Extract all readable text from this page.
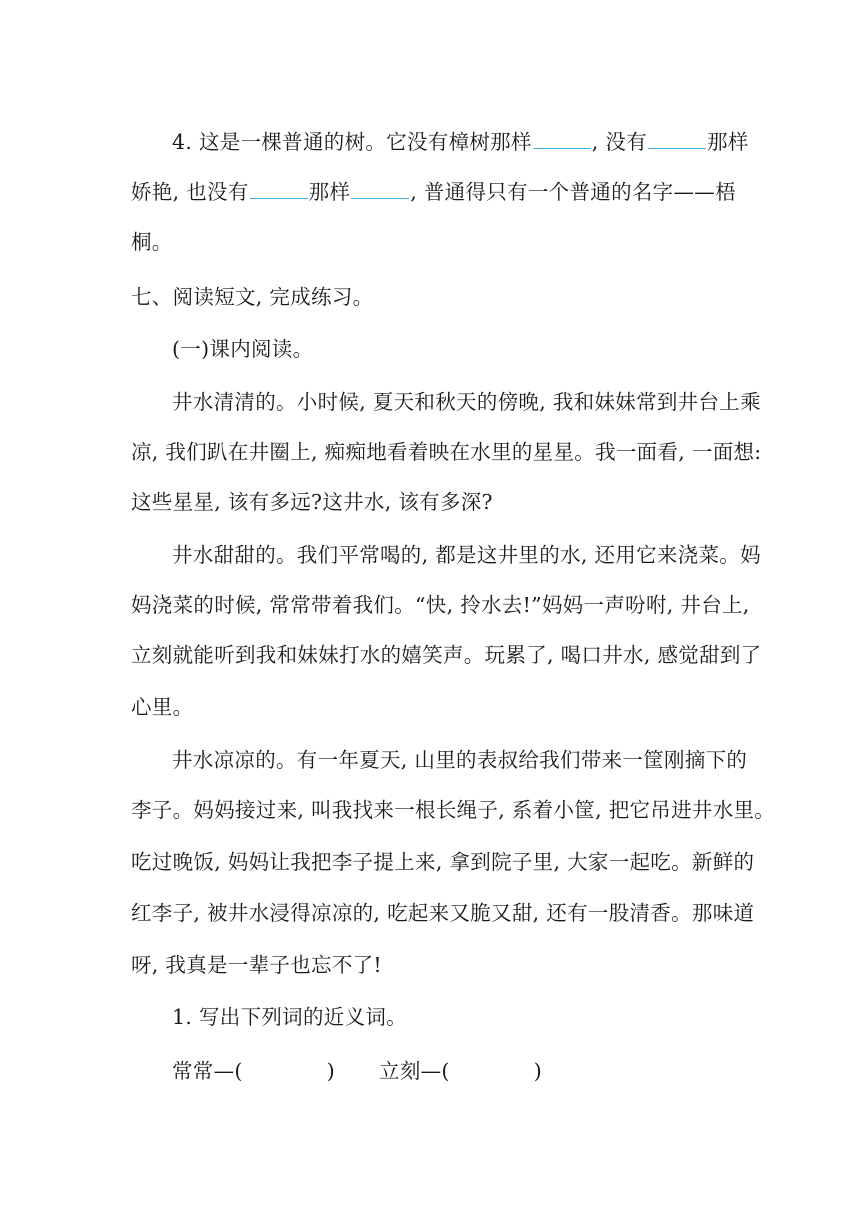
4. 这是一棵普通的树。它没有樟树那样	, 没有	那样
娇艳, 也没有	那样	, 普通得只有一个普通的名字——梧
桐。
七、阅读短文, 完成练习。
(一)课内阅读。
井水清清的。小时候, 夏天和秋天的傍晚, 我和妹妹常到井台上乘
凉, 我们趴在井圈上, 痴痴地看着映在水里的星星。我一面看, 一面想:
这些星星, 该有多远?这井水, 该有多深?
井水甜甜的。我们平常喝的, 都是这井里的水, 还用它来浇菜。妈
妈浇菜的时候, 常常带着我们。“快, 拎水去!”妈妈一声吩咐, 井台上,
立刻就能听到我和妹妹打水的嬉笑声。玩累了, 喝口井水, 感觉甜到了
心里。
井水凉凉的。有一年夏天, 山里的表叔给我们带来一筐刚摘下的
李子。妈妈接过来, 叫我找来一根长绳子, 系着小筐, 把它吊进井水里。
吃过晚饭, 妈妈让我把李子提上来, 拿到院子里, 大家一起吃。新鲜的
红李子, 被井水浸得凉凉的, 吃起来又脆又甜, 还有一股清香。那味道
呀, 我真是一辈子也忘不了!
1. 写出下列词的近义词。
常常—(	) 立刻—(	)
